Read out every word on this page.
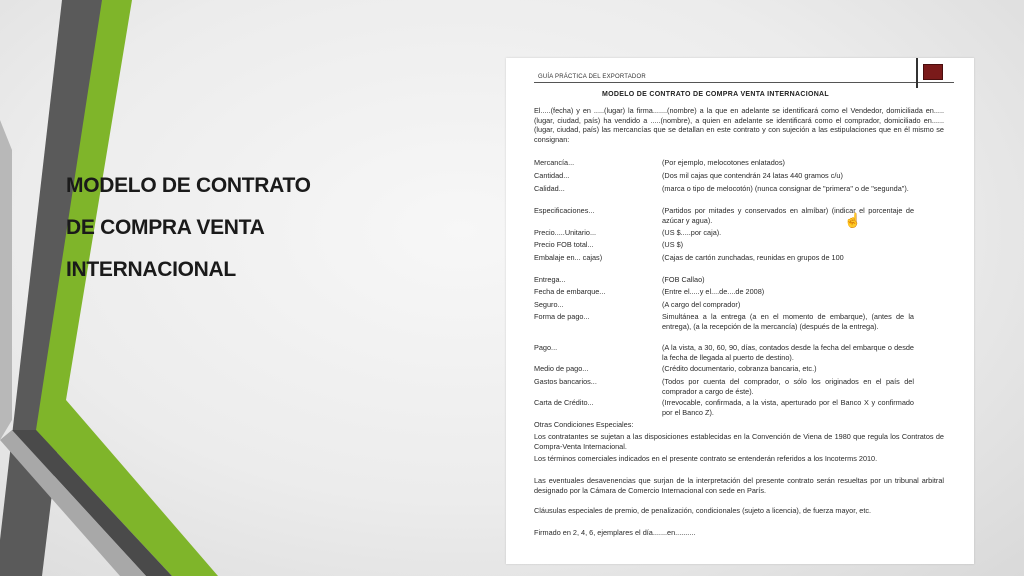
MODELO DE CONTRATO
DE COMPRA VENTA
INTERNACIONAL
GUÍA PRÁCTICA DEL EXPORTADOR
MODELO DE CONTRATO DE COMPRA VENTA INTERNACIONAL
El.....(fecha) y en .....(lugar) la firma.......(nombre) a la que en adelante se identificará como el Vendedor, domiciliada en.....(lugar, ciudad, país) ha vendido a .....(nombre), a quien en adelante se identificará como el comprador, domiciliado en......(lugar, ciudad, país) las mercancías que se detallan en este contrato y con sujeción a las estipulaciones que en él mismo se consignan:
Mercancía...	(Por ejemplo, melocotones enlatados)
Cantidad...	(Dos mil cajas que contendrán 24 latas 440 gramos c/u)
Calidad...	(marca o tipo de melocotón) (nunca consignar de "primera" o de "segunda").
Especificaciones...	(Partidos por mitades y conservados en almíbar) (indicar el porcentaje de azúcar y agua).
Precio.....Unitario...	(US $.....por caja).
Precio FOB total...	(US $)
Embalaje en... cajas)	(Cajas de cartón zunchadas, reunidas en grupos de 100
Entrega...	(FOB Callao)
Fecha de embarque...	(Entre el.....y el....de....de 2008)
Seguro...	(A cargo del comprador)
Forma de pago...	Simultánea a la entrega (a en el momento de embarque), (antes de la entrega), (a la recepción de la mercancía) (después de la entrega).
Pago...	(A la vista, a 30, 60, 90, días, contados desde la fecha del embarque o desde la fecha de llegada al puerto de destino).
Medio de pago...	(Crédito documentario, cobranza bancaria, etc.)
Gastos bancarios...	(Todos por cuenta del comprador, o sólo los originados en el país del comprador a cargo de éste).
Carta de Crédito...	(Irrevocable, confirmada, a la vista, aperturado por el Banco X y confirmado por el Banco Z).
☝
Otras Condiciones Especiales:
Los contratantes se sujetan a las disposiciones establecidas en la Convención de Viena de 1980 que regula los Contratos de Compra-Venta Internacional.
Los términos comerciales indicados en el presente contrato se entenderán referidos a los Incoterms 2010.
Las eventuales desavenencias que surjan de la interpretación del presente contrato serán resueltas por un tribunal arbitral designado por la Cámara de Comercio Internacional con sede en París.
Cláusulas especiales de premio, de penalización, condicionales (sujeto a licencia), de fuerza mayor, etc.
Firmado en 2, 4, 6, ejemplares el día.......en..........
